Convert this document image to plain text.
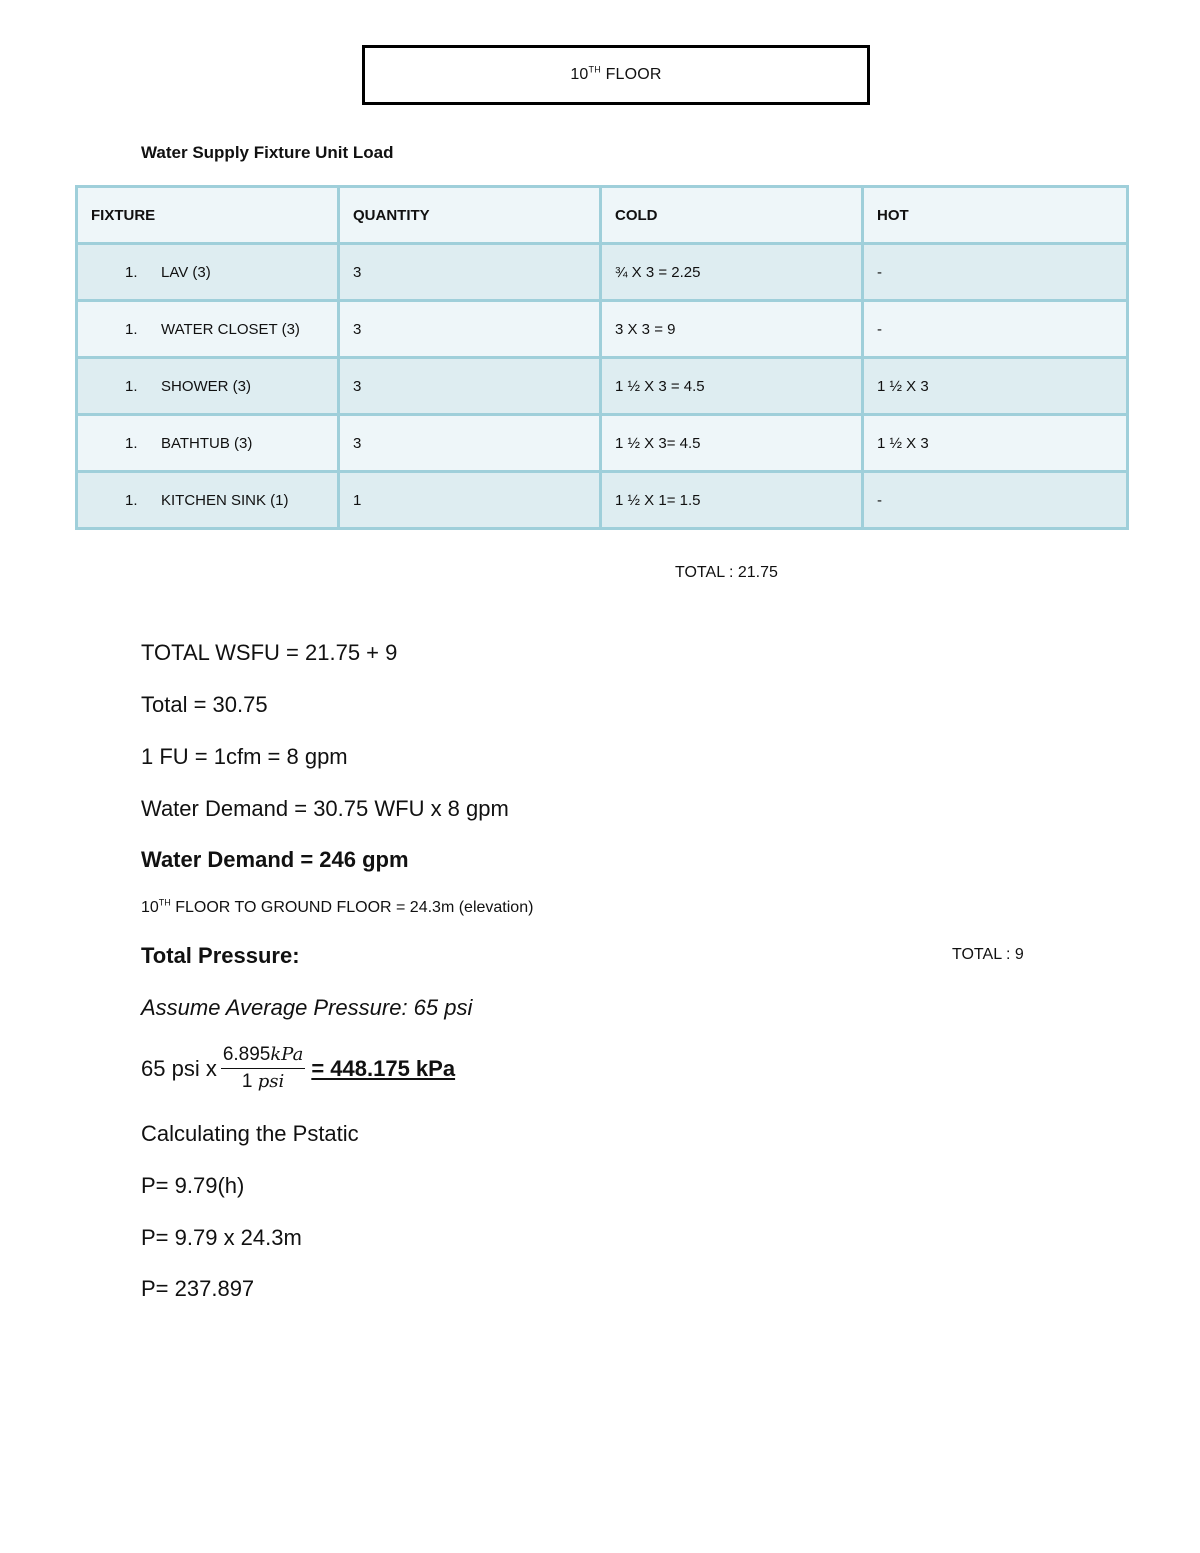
10TH FLOOR
Water Supply Fixture Unit Load
FIXTURE	QUANTITY	COLD	HOT
1. LAV (3)	3	¾ X 3 = 2.25	-
1. WATER CLOSET (3)	3	3 X 3 = 9	-
1. SHOWER (3)	3	1 ½ X 3 = 4.5	1 ½ X 3
1. BATHTUB (3)	3	1 ½ X 3= 4.5	1 ½ X 3
1. KITCHEN SINK (1)	1	1 ½ X 1= 1.5	-
TOTAL : 21.75
TOTAL WSFU = 21.75 + 9
Total = 30.75
1 FU = 1cfm = 8 gpm
Water Demand = 30.75 WFU x 8 gpm
Water Demand = 246 gpm
10TH FLOOR TO GROUND FLOOR = 24.3m (elevation)
Total Pressure:	TOTAL : 9
Assume Average Pressure: 65 psi
65 psi x $\frac{\text{6.895kPa}}{\text{1 psi}} = 448.175$ kPa
Calculating the Pstatic
P= 9.79(h)
P= 9.79 x 24.3m
P= 237.897
